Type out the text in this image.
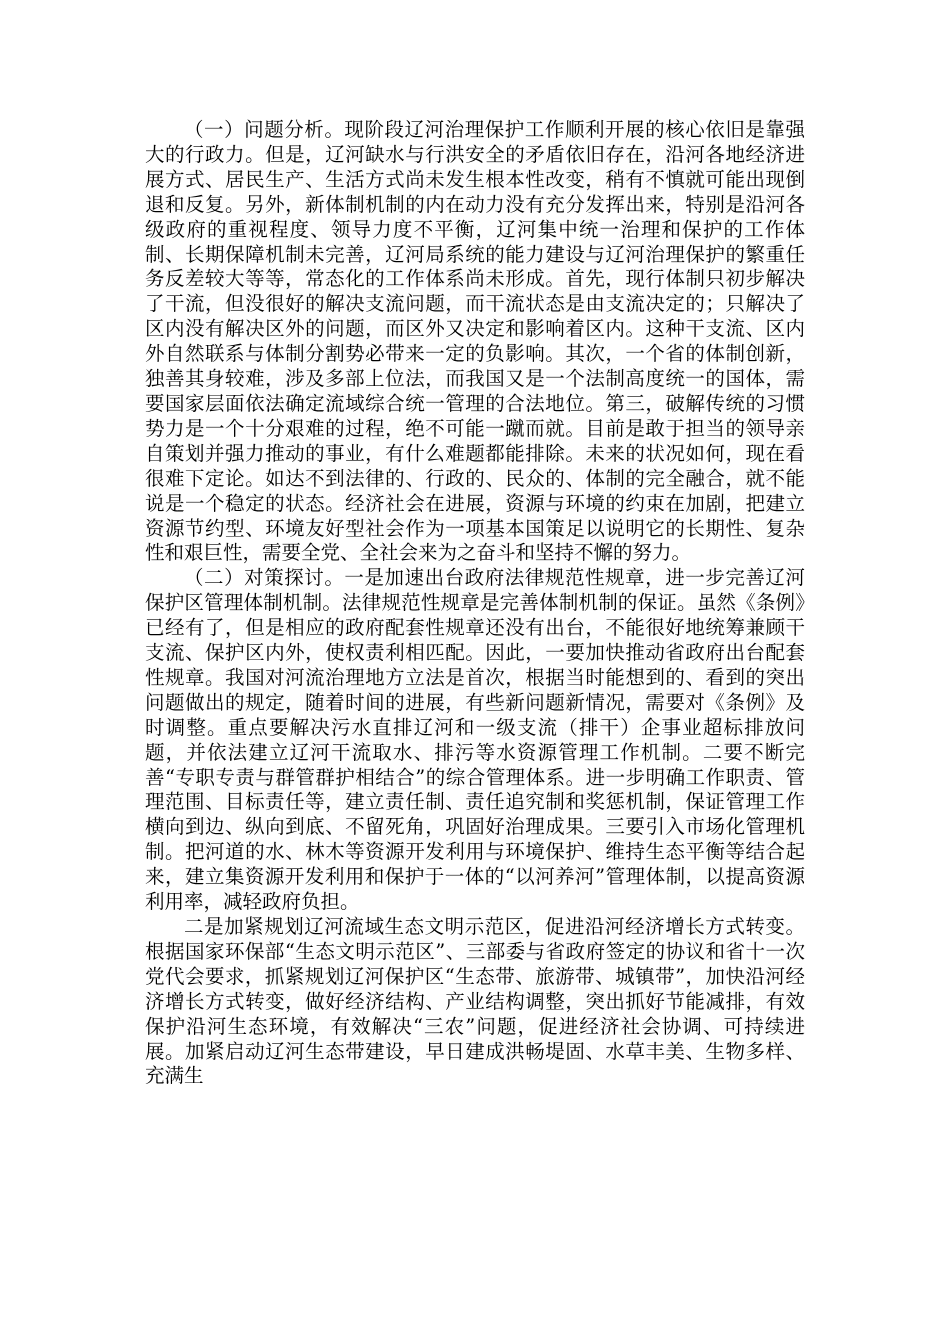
（一）问题分析。现阶段辽河治理保护工作顺利开展的核心依旧是靠强大的行政力。但是，辽河缺水与行洪安全的矛盾依旧存在，沿河各地经济进展方式、居民生产、生活方式尚未发生根本性改变，稍有不慎就可能出现倒退和反复。另外，新体制机制的内在动力没有充分发挥出来，特别是沿河各级政府的重视程度、领导力度不平衡，辽河集中统一治理和保护的工作体制、长期保障机制未完善，辽河局系统的能力建设与辽河治理保护的繁重任务反差较大等等，常态化的工作体系尚未形成。首先，现行体制只初步解决了干流，但没很好的解决支流问题，而干流状态是由支流决定的；只解决了区内没有解决区外的问题，而区外又决定和影响着区内。这种干支流、区内外自然联系与体制分割势必带来一定的负影响。其次，一个省的体制创新，独善其身较难，涉及多部上位法，而我国又是一个法制高度统一的国体，需要国家层面依法确定流域综合统一管理的合法地位。第三，破解传统的习惯势力是一个十分艰难的过程，绝不可能一蹴而就。目前是敢于担当的领导亲自策划并强力推动的事业，有什么难题都能排除。未来的状况如何，现在看很难下定论。如达不到法律的、行政的、民众的、体制的完全融合，就不能说是一个稳定的状态。经济社会在进展，资源与环境的约束在加剧，把建立资源节约型、环境友好型社会作为一项基本国策足以说明它的长期性、复杂性和艰巨性，需要全党、全社会来为之奋斗和坚持不懈的努力。

（二）对策探讨。一是加速出台政府法律规范性规章，进一步完善辽河保护区管理体制机制。法律规范性规章是完善体制机制的保证。虽然《条例》已经有了，但是相应的政府配套性规章还没有出台，不能很好地统筹兼顾干支流、保护区内外，使权责利相匹配。因此，一要加快推动省政府出台配套性规章。我国对河流治理地方立法是首次，根据当时能想到的、看到的突出问题做出的规定，随着时间的进展，有些新问题新情况，需要对《条例》及时调整。重点要解决污水直排辽河和一级支流（排干）企事业超标排放问题，并依法建立辽河干流取水、排污等水资源管理工作机制。二要不断完善“专职专责与群管群护相结合”的综合管理体系。进一步明确工作职责、管理范围、目标责任等，建立责任制、责任追究制和奖惩机制，保证管理工作横向到边、纵向到底、不留死角，巩固好治理成果。三要引入市场化管理机制。把河道的水、林木等资源开发利用与环境保护、维持生态平衡等结合起来，建立集资源开发利用和保护于一体的“以河养河”管理体制，以提高资源利用率，减轻政府负担。

二是加紧规划辽河流域生态文明示范区，促进沿河经济增长方式转变。根据国家环保部“生态文明示范区”、三部委与省政府签定的协议和省十一次党代会要求，抓紧规划辽河保护区“生态带、旅游带、城镇带”，加快沿河经济增长方式转变，做好经济结构、产业结构调整，突出抓好节能减排，有效保护沿河生态环境，有效解决“三农”问题，促进经济社会协调、可持续进展。加紧启动辽河生态带建设，早日建成洪畅堤固、水草丰美、生物多样、充满生
